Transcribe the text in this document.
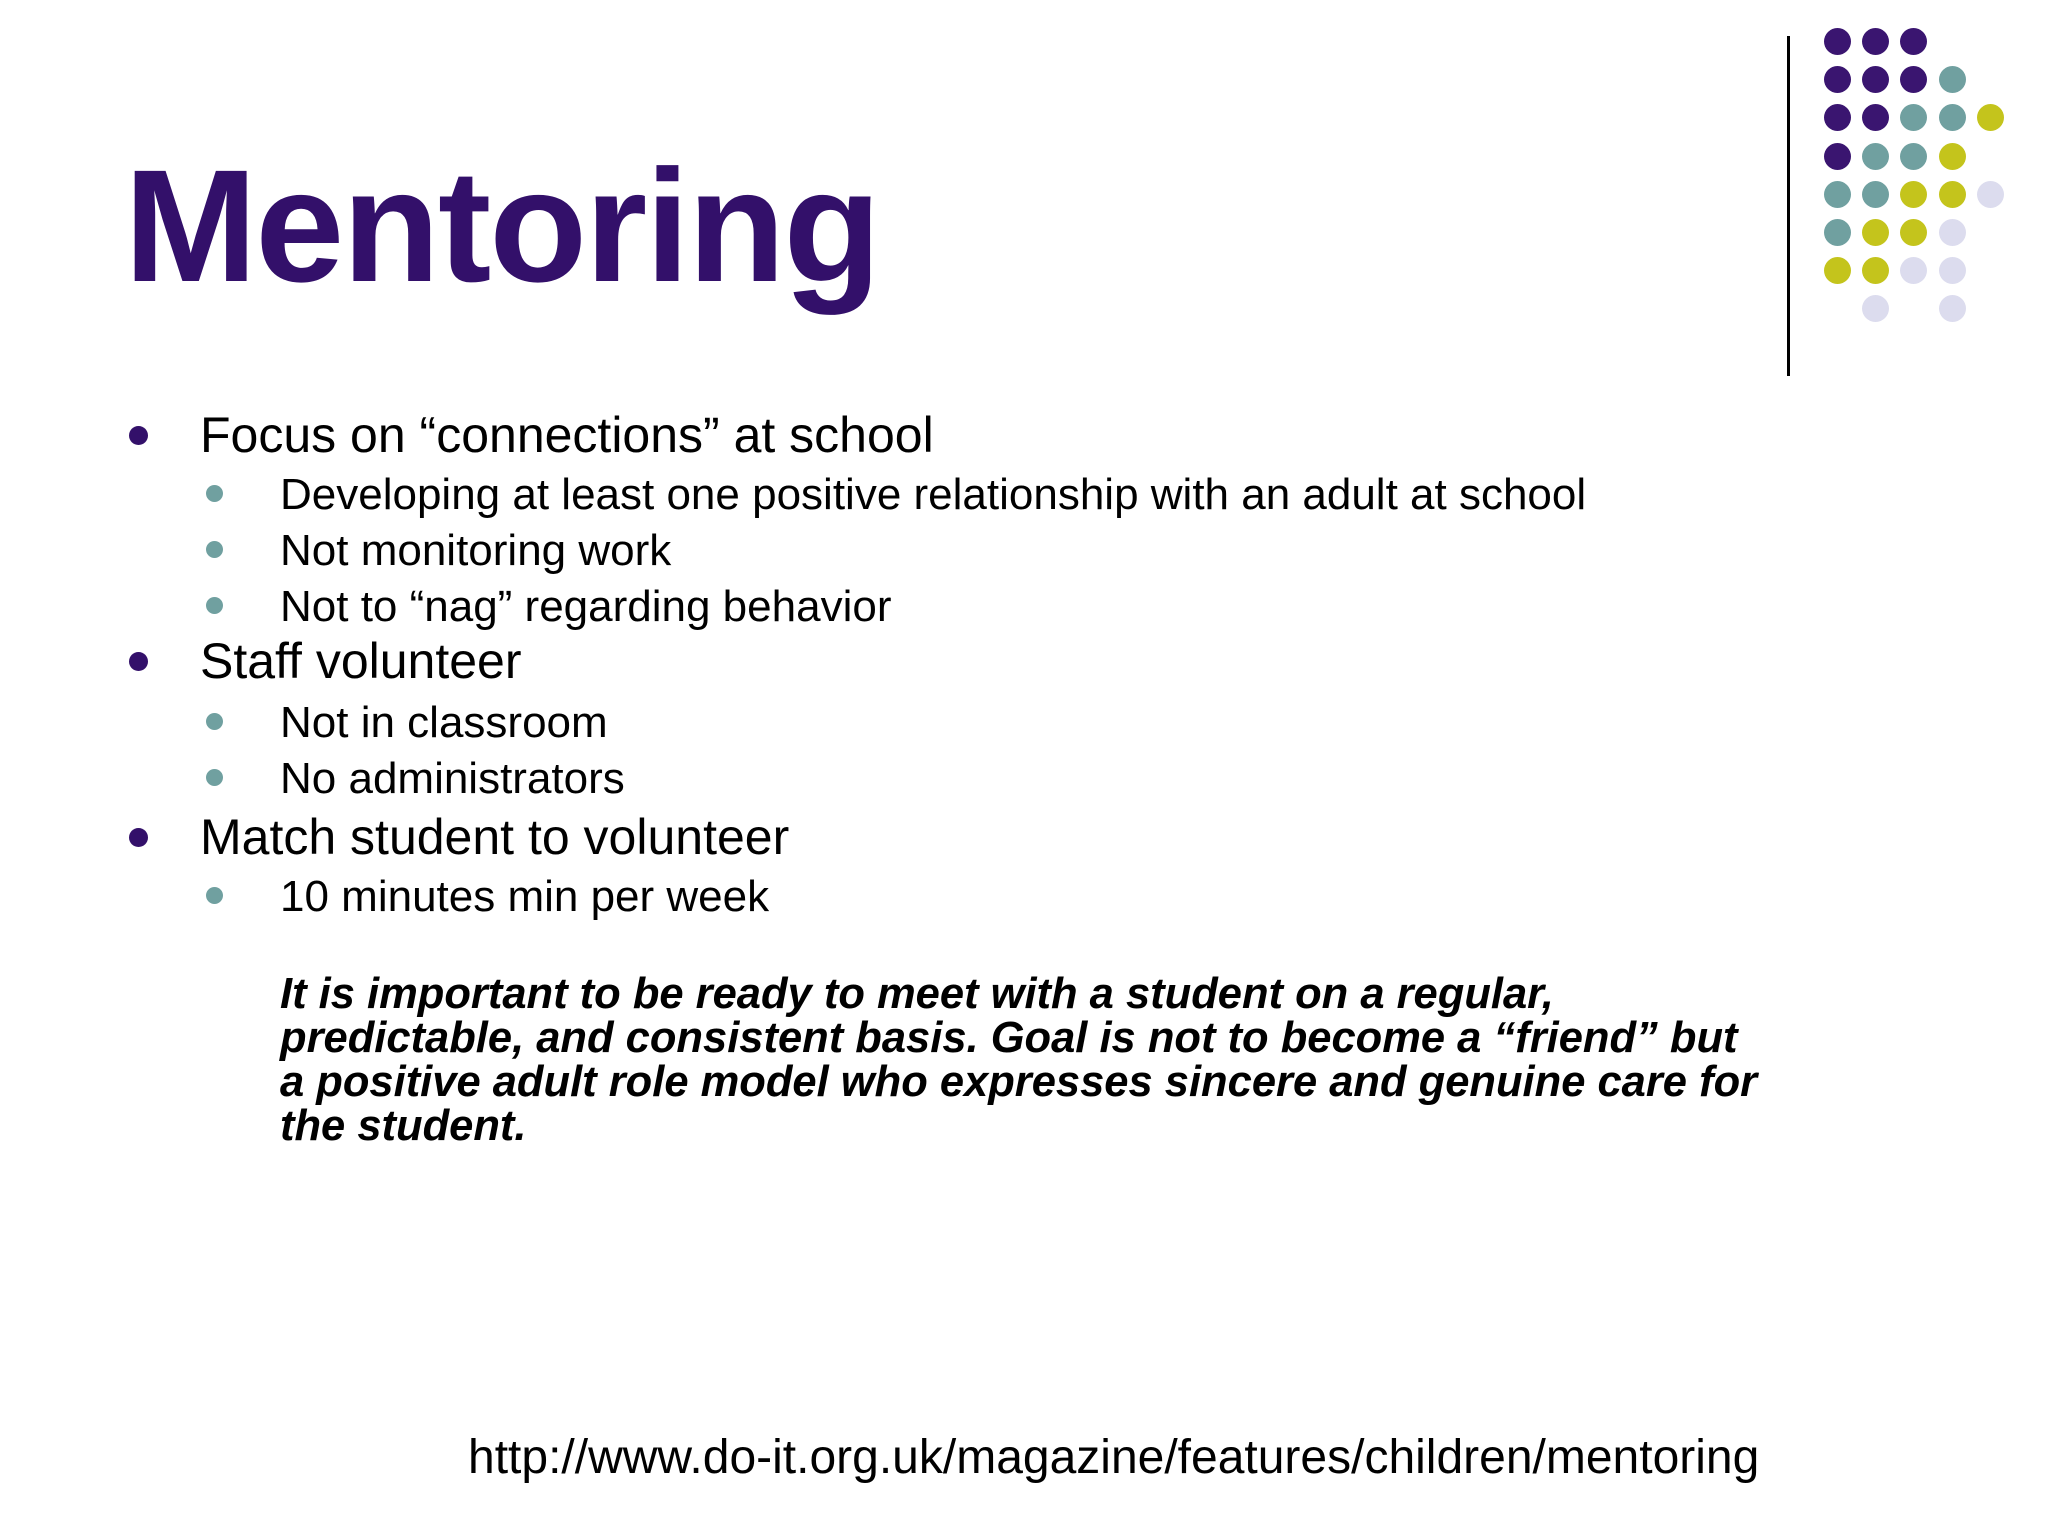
Mentoring
Focus on “connections” at school
Developing at least one positive relationship with an adult at school
Not monitoring work
Not to “nag” regarding behavior
Staff volunteer
Not in classroom
No administrators
Match student to volunteer
10 minutes min per week

It is important to be ready to meet with a student on a regular,
predictable, and consistent basis. Goal is not to become a “friend” but
a positive adult role model who expresses sincere and genuine care for
the student.

http://www.do-it.org.uk/magazine/features/children/mentoring
